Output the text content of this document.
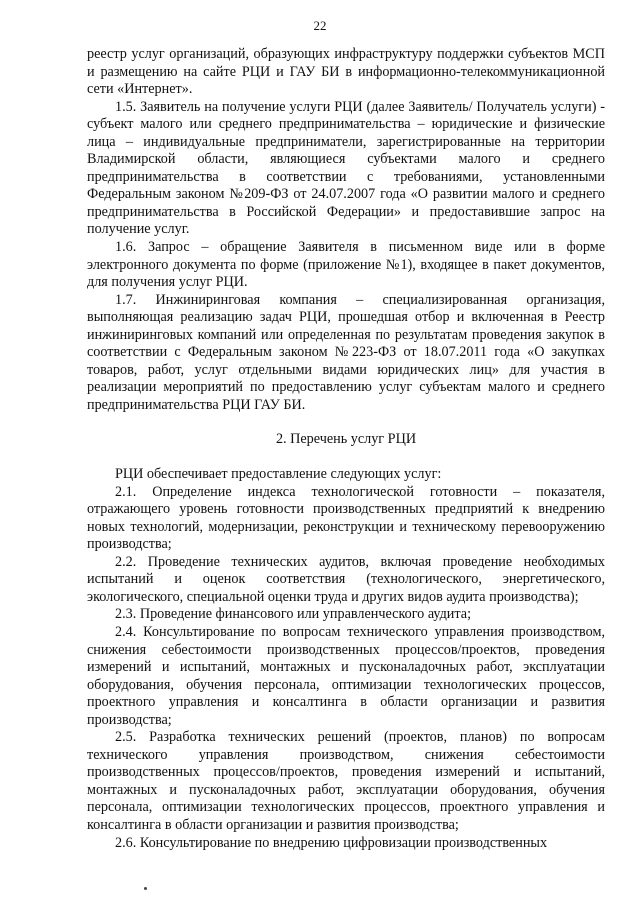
22

реестр услуг организаций, образующих инфраструктуру поддержки субъектов МСП и размещению на сайте РЦИ и ГАУ БИ в информационно-телекоммуникационной сети «Интернет».

1.5. Заявитель на получение услуги РЦИ (далее Заявитель/ Получатель услуги) - субъект малого или среднего предпринимательства – юридические и физические лица – индивидуальные предприниматели, зарегистрированные на территории Владимирской области, являющиеся субъектами малого и среднего предпринимательства в соответствии с требованиями, установленными Федеральным законом №209-ФЗ от 24.07.2007 года «О развитии малого и среднего предпринимательства в Российской Федерации» и предоставившие запрос на получение услуг.

1.6. Запрос – обращение Заявителя в письменном виде или в форме электронного документа по форме (приложение №1), входящее в пакет документов, для получения услуг РЦИ.

1.7. Инжиниринговая компания – специализированная организация, выполняющая реализацию задач РЦИ, прошедшая отбор и включенная в Реестр инжиниринговых компаний или определенная по результатам проведения закупок в соответствии с Федеральным законом №223-ФЗ от 18.07.2011 года «О закупках товаров, работ, услуг отдельными видами юридических лиц» для участия в реализации мероприятий по предоставлению услуг субъектам малого и среднего предпринимательства РЦИ ГАУ БИ.

2. Перечень услуг РЦИ

РЦИ обеспечивает предоставление следующих услуг:

2.1. Определение индекса технологической готовности – показателя, отражающего уровень готовности производственных предприятий к внедрению новых технологий, модернизации, реконструкции и техническому перевооружению производства;

2.2. Проведение технических аудитов, включая проведение необходимых испытаний и оценок соответствия (технологического, энергетического, экологического, специальной оценки труда и других видов аудита производства);

2.3. Проведение финансового или управленческого аудита;

2.4. Консультирование по вопросам технического управления производством, снижения себестоимости производственных процессов/проектов, проведения измерений и испытаний, монтажных и пусконаладочных работ, эксплуатации оборудования, обучения персонала, оптимизации технологических процессов, проектного управления и консалтинга в области организации и развития производства;

2.5. Разработка технических решений (проектов, планов) по вопросам технического управления производством, снижения себестоимости производственных процессов/проектов, проведения измерений и испытаний, монтажных и пусконаладочных работ, эксплуатации оборудования, обучения персонала, оптимизации технологических процессов, проектного управления и консалтинга в области организации и развития производства;

2.6. Консультирование по внедрению цифровизации производственных
